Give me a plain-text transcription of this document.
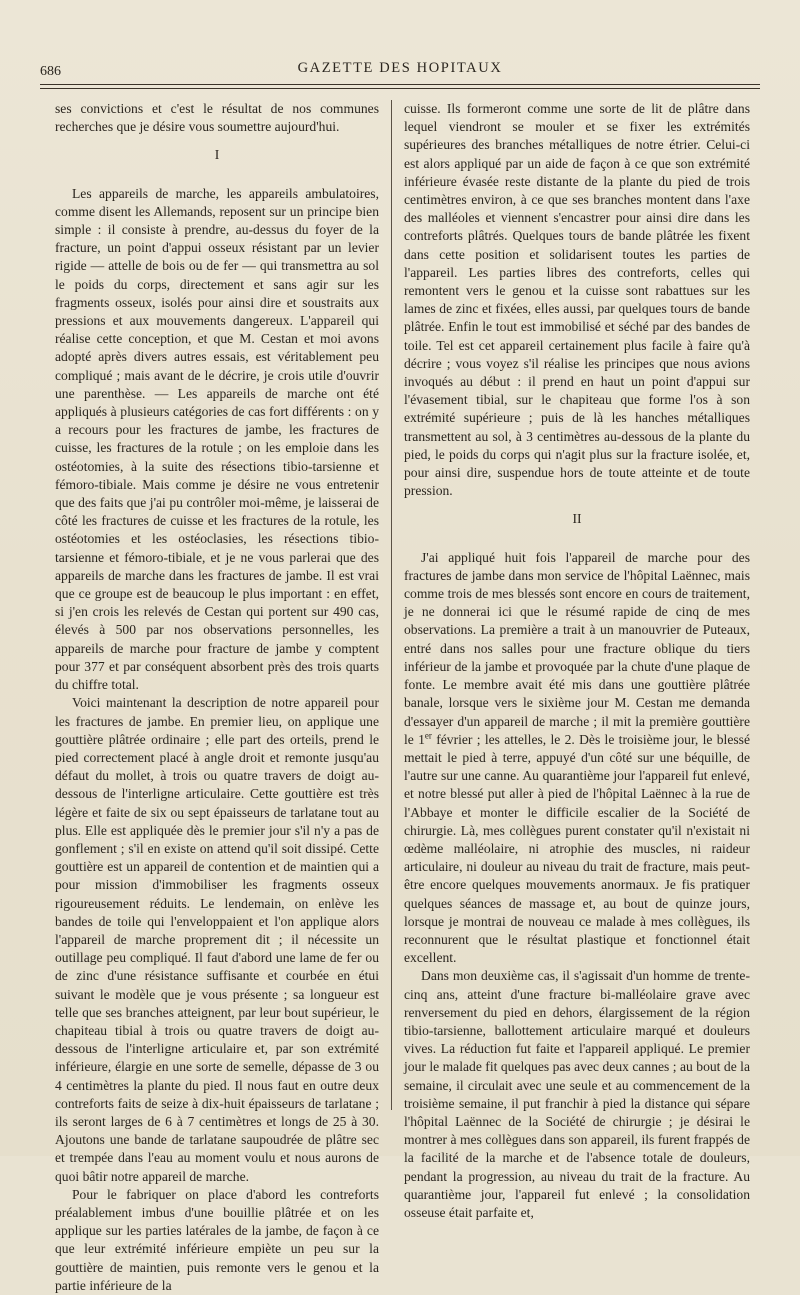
686	GAZETTE DES HOPITAUX

ses convictions et c'est le résultat de nos communes recherches que je désire vous soumettre aujourd'hui.

I

Les appareils de marche, les appareils ambulatoires, comme disent les Allemands, reposent sur un principe bien simple : il consiste à prendre, au-dessus du foyer de la fracture, un point d'appui osseux résistant par un levier rigide — attelle de bois ou de fer — qui transmettra au sol le poids du corps, directement et sans agir sur les fragments osseux, isolés pour ainsi dire et soustraits aux pressions et aux mouvements dangereux. L'appareil qui réalise cette conception, et que M. Cestan et moi avons adopté après divers autres essais, est véritablement peu compliqué ; mais avant de le décrire, je crois utile d'ouvrir une parenthèse. — Les appareils de marche ont été appliqués à plusieurs catégories de cas fort différents : on y a recours pour les fractures de jambe, les fractures de cuisse, les fractures de la rotule ; on les emploie dans les ostéotomies, à la suite des résections tibio-tarsienne et fémoro-tibiale. Mais comme je désire ne vous entretenir que des faits que j'ai pu contrôler moi-même, je laisserai de côté les fractures de cuisse et les fractures de la rotule, les ostéotomies et les ostéoclasies, les résections tibio-tarsienne et fémoro-tibiale, et je ne vous parlerai que des appareils de marche dans les fractures de jambe. Il est vrai que ce groupe est de beaucoup le plus important : en effet, si j'en crois les relevés de Cestan qui portent sur 490 cas, élevés à 500 par nos observations personnelles, les appareils de marche pour fracture de jambe y comptent pour 377 et par conséquent absorbent près des trois quarts du chiffre total.

Voici maintenant la description de notre appareil pour les fractures de jambe. En premier lieu, on applique une gouttière plâtrée ordinaire ; elle part des orteils, prend le pied correctement placé à angle droit et remonte jusqu'au défaut du mollet, à trois ou quatre travers de doigt au-dessous de l'interligne articulaire. Cette gouttière est très légère et faite de six ou sept épaisseurs de tarlatane tout au plus. Elle est appliquée dès le premier jour s'il n'y a pas de gonflement ; s'il en existe on attend qu'il soit dissipé. Cette gouttière est un appareil de contention et de maintien qui a pour mission d'immobiliser les fragments osseux rigoureusement réduits. Le lendemain, on enlève les bandes de toile qui l'enveloppaient et l'on applique alors l'appareil de marche proprement dit ; il nécessite un outillage peu compliqué. Il faut d'abord une lame de fer ou de zinc d'une résistance suffisante et courbée en étui suivant le modèle que je vous présente ; sa longueur est telle que ses branches atteignent, par leur bout supérieur, le chapiteau tibial à trois ou quatre travers de doigt au-dessous de l'interligne articulaire et, par son extrémité inférieure, élargie en une sorte de semelle, dépasse de 3 ou 4 centimètres la plante du pied. Il nous faut en outre deux contreforts faits de seize à dix-huit épaisseurs de tarlatane ; ils seront larges de 6 à 7 centimètres et longs de 25 à 30. Ajoutons une bande de tarlatane saupoudrée de plâtre sec et trempée dans l'eau au moment voulu et nous aurons de quoi bâtir notre appareil de marche.

Pour le fabriquer on place d'abord les contreforts préalablement imbus d'une bouillie plâtrée et on les applique sur les parties latérales de la jambe, de façon à ce que leur extrémité inférieure empiète un peu sur la gouttière de maintien, puis remonte vers le genou et la partie inférieure de la

cuisse. Ils formeront comme une sorte de lit de plâtre dans lequel viendront se mouler et se fixer les extrémités supérieures des branches métalliques de notre étrier. Celui-ci est alors appliqué par un aide de façon à ce que son extrémité inférieure évasée reste distante de la plante du pied de trois centimètres environ, à ce que ses branches montent dans l'axe des malléoles et viennent s'encastrer pour ainsi dire dans les contreforts plâtrés. Quelques tours de bande plâtrée les fixent dans cette position et solidarisent toutes les parties de l'appareil. Les parties libres des contreforts, celles qui remontent vers le genou et la cuisse sont rabattues sur les lames de zinc et fixées, elles aussi, par quelques tours de bande plâtrée. Enfin le tout est immobilisé et séché par des bandes de toile. Tel est cet appareil certainement plus facile à faire qu'à décrire ; vous voyez s'il réalise les principes que nous avions invoqués au début : il prend en haut un point d'appui sur l'évasement tibial, sur le chapiteau que forme l'os à son extrémité supérieure ; puis de là les hanches métalliques transmettent au sol, à 3 centimètres au-dessous de la plante du pied, le poids du corps qui n'agit plus sur la fracture isolée, et, pour ainsi dire, suspendue hors de toute atteinte et de toute pression.

II

J'ai appliqué huit fois l'appareil de marche pour des fractures de jambe dans mon service de l'hôpital Laënnec, mais comme trois de mes blessés sont encore en cours de traitement, je ne donnerai ici que le résumé rapide de cinq de mes observations. La première a trait à un manouvrier de Puteaux, entré dans nos salles pour une fracture oblique du tiers inférieur de la jambe et provoquée par la chute d'une plaque de fonte. Le membre avait été mis dans une gouttière plâtrée banale, lorsque vers le sixième jour M. Cestan me demanda d'essayer d'un appareil de marche ; il mit la première gouttière le 1er février ; les attelles, le 2. Dès le troisième jour, le blessé mettait le pied à terre, appuyé d'un côté sur une béquille, de l'autre sur une canne. Au quarantième jour l'appareil fut enlevé, et notre blessé put aller à pied de l'hôpital Laënnec à la rue de l'Abbaye et monter le difficile escalier de la Société de chirurgie. Là, mes collègues purent constater qu'il n'existait ni œdème malléolaire, ni atrophie des muscles, ni raideur articulaire, ni douleur au niveau du trait de fracture, mais peut-être encore quelques mouvements anormaux. Je fis pratiquer quelques séances de massage et, au bout de quinze jours, lorsque je montrai de nouveau ce malade à mes collègues, ils reconnurent que le résultat plastique et fonctionnel était excellent.

Dans mon deuxième cas, il s'agissait d'un homme de trente-cinq ans, atteint d'une fracture bi-malléolaire grave avec renversement du pied en dehors, élargissement de la région tibio-tarsienne, ballottement articulaire marqué et douleurs vives. La réduction fut faite et l'appareil appliqué. Le premier jour le malade fit quelques pas avec deux cannes ; au bout de la semaine, il circulait avec une seule et au commencement de la troisième semaine, il put franchir à pied la distance qui sépare l'hôpital Laënnec de la Société de chirurgie ; je désirai le montrer à mes collègues dans son appareil, ils furent frappés de la facilité de la marche et de l'absence totale de douleurs, pendant la progression, au niveau du trait de la fracture. Au quarantième jour, l'appareil fut enlevé ; la consolidation osseuse était parfaite et,
